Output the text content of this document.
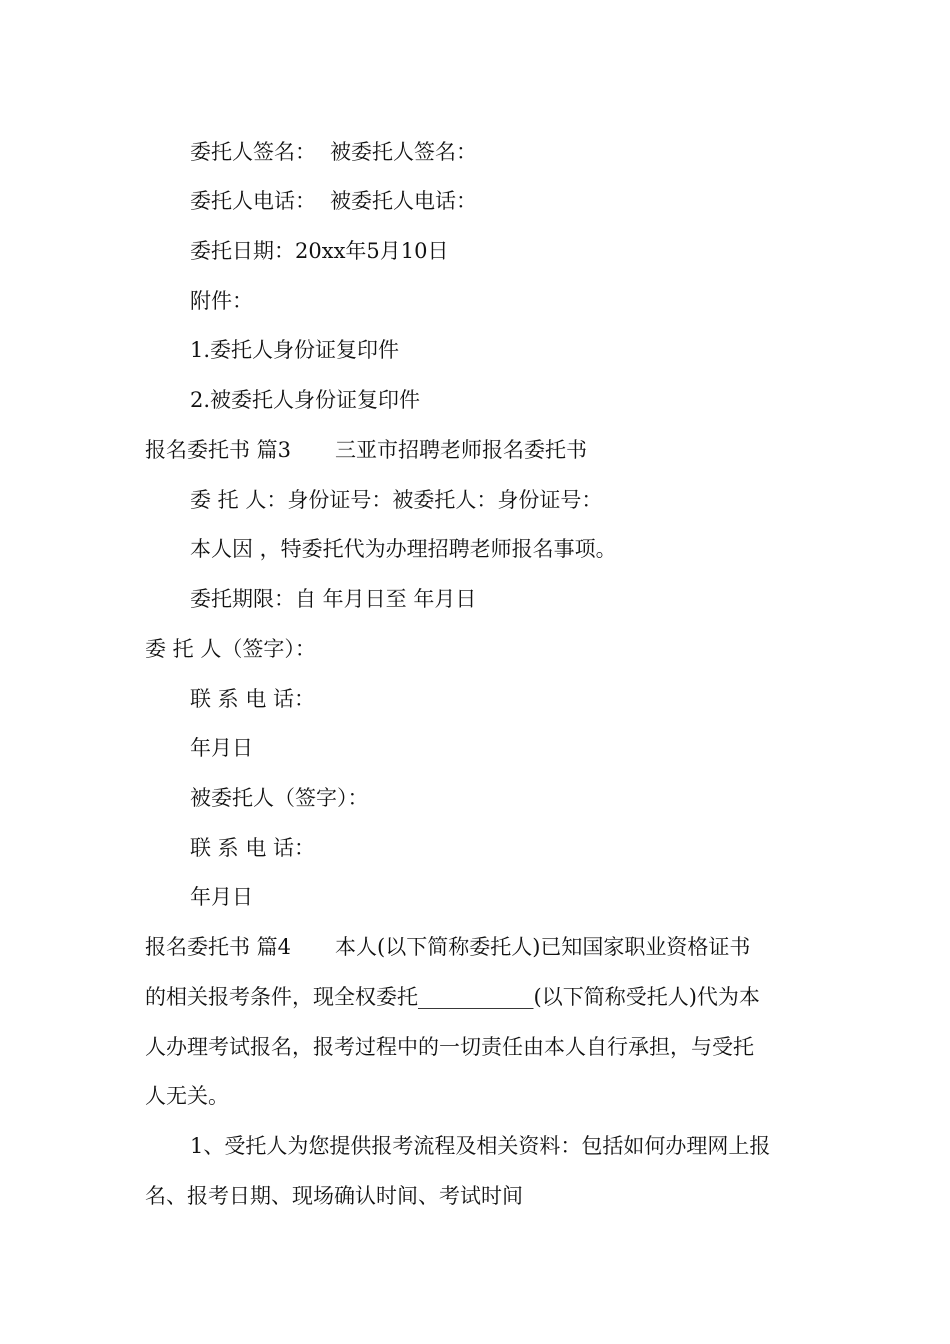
委托人签名： 被委托人签名：
委托人电话： 被委托人电话：
委托日期：20xx年5月10日
附件：
1.委托人身份证复印件
2.被委托人身份证复印件
报名委托书 篇3 三亚市招聘老师报名委托书
委 托 人：身份证号：被委托人：身份证号：
本人因 ，特委托代为办理招聘老师报名事项。
委托期限：自 年月日至 年月日
委 托 人（签字）：
联 系 电 话：
年月日
被委托人（签字）：
联 系 电 话：
年月日
报名委托书 篇4 本人(以下简称委托人)已知国家职业资格证书
的相关报考条件，现全权委托___________(以下简称受托人)代为本
人办理考试报名，报考过程中的一切责任由本人自行承担，与受托
人无关。
1、受托人为您提供报考流程及相关资料：包括如何办理网上报
名、报考日期、现场确认时间、考试时间
